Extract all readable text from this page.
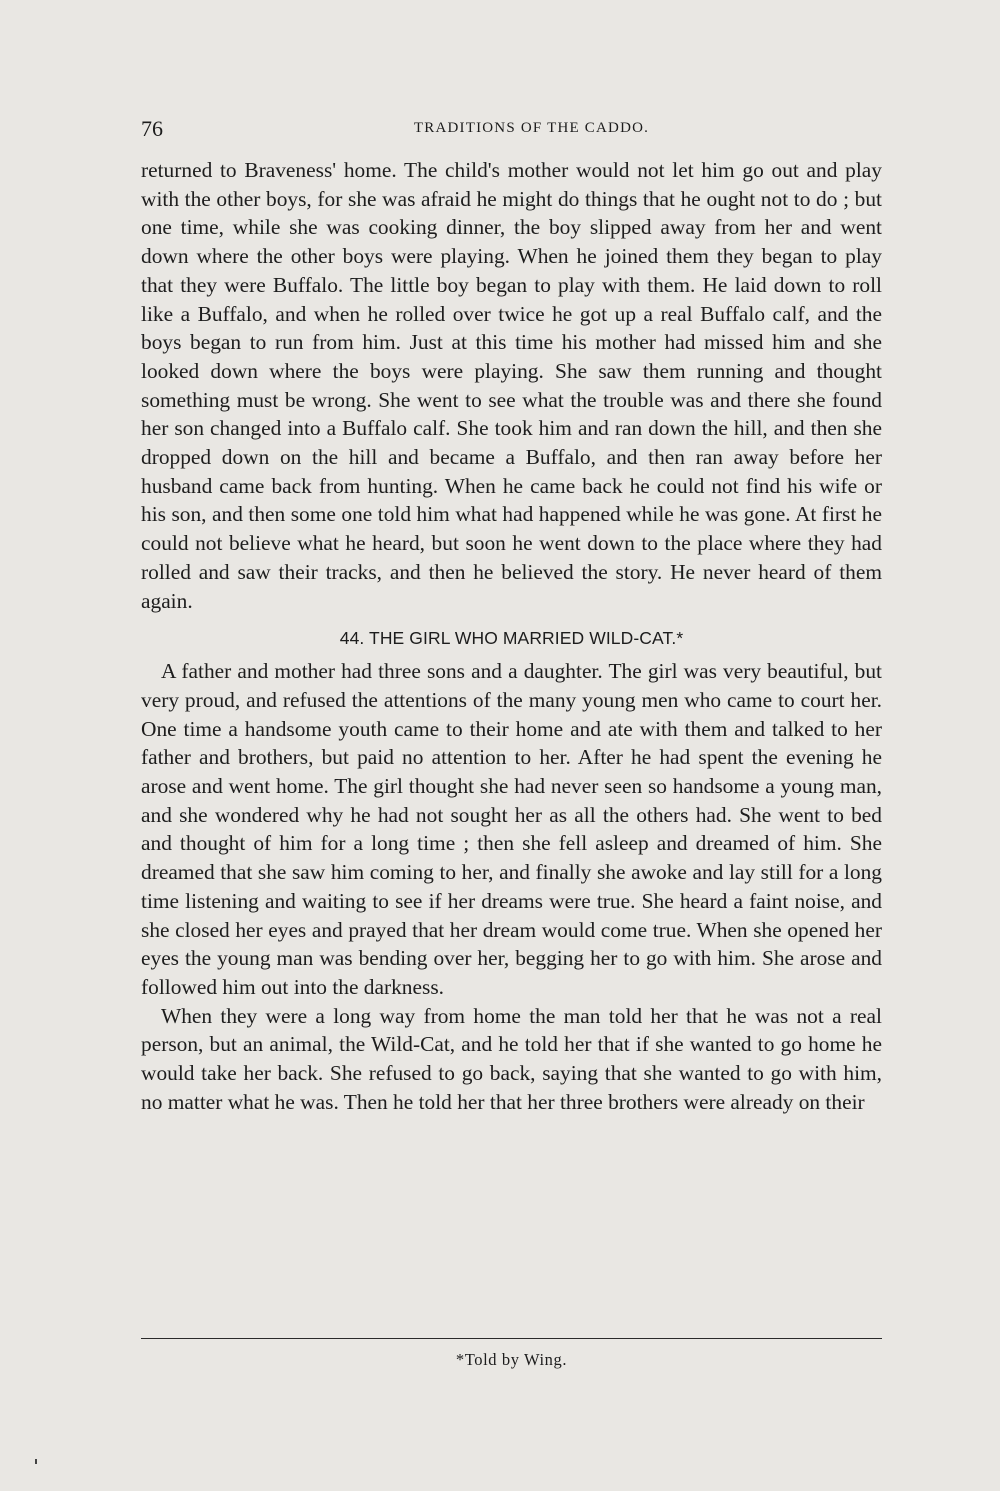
76	TRADITIONS OF THE CADDO.

returned to Braveness' home. The child's mother would not let him go out and play with the other boys, for she was afraid he might do things that he ought not to do ; but one time, while she was cooking dinner, the boy slipped away from her and went down where the other boys were playing. When he joined them they began to play that they were Buffalo. The little boy began to play with them. He laid down to roll like a Buffalo, and when he rolled over twice he got up a real Buffalo calf, and the boys began to run from him. Just at this time his mother had missed him and she looked down where the boys were playing. She saw them running and thought something must be wrong. She went to see what the trouble was and there she found her son changed into a Buffalo calf. She took him and ran down the hill, and then she dropped down on the hill and became a Buffalo, and then ran away before her husband came back from hunting. When he came back he could not find his wife or his son, and then some one told him what had happened while he was gone. At first he could not believe what he heard, but soon he went down to the place where they had rolled and saw their tracks, and then he believed the story. He never heard of them again.

44. THE GIRL WHO MARRIED WILD-CAT.*

A father and mother had three sons and a daughter. The girl was very beautiful, but very proud, and refused the attentions of the many young men who came to court her. One time a handsome youth came to their home and ate with them and talked to her father and brothers, but paid no attention to her. After he had spent the evening he arose and went home. The girl thought she had never seen so handsome a young man, and she wondered why he had not sought her as all the others had. She went to bed and thought of him for a long time ; then she fell asleep and dreamed of him. She dreamed that she saw him coming to her, and finally she awoke and lay still for a long time listening and waiting to see if her dreams were true. She heard a faint noise, and she closed her eyes and prayed that her dream would come true. When she opened her eyes the young man was bending over her, begging her to go with him. She arose and followed him out into the darkness.

When they were a long way from home the man told her that he was not a real person, but an animal, the Wild-Cat, and he told her that if she wanted to go home he would take her back. She refused to go back, saying that she wanted to go with him, no matter what he was. Then he told her that her three brothers were already on their

*Told by Wing.
